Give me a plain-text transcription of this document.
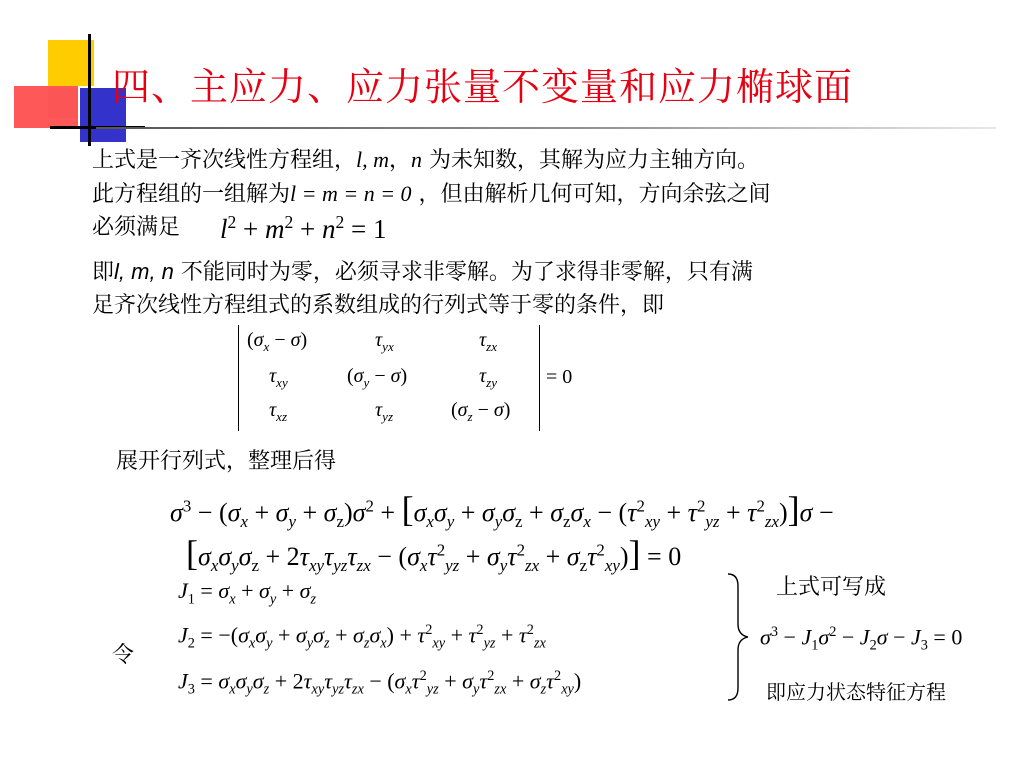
四、主应力、应力张量不变量和应力椭球面
上式是一齐次线性方程组，l, m，n 为未知数，其解为应力主轴方向。
此方程组的一组解为l = m = n = 0 ，但由解析几何可知，方向余弦之间
必须满足 $l^2 + m^2 + n^2 = 1$
即l, m, n 不能同时为零，必须寻求非零解。为了求得非零解，只有满
足齐次线性方程组式的系数组成的行列式等于零的条件，即
$(\sigma_x - \sigma)$	$\tau_{yx}$	$\tau_{zx}$
$\tau_{xy}$	$(\sigma_y - \sigma)$	$\tau_{zy}$
$\tau_{xz}$	$\tau_{yz}$	$(\sigma_z - \sigma)$
= 0
展开行列式，整理后得
$\sigma^3 - (\sigma_x + \sigma_y + \sigma_z)\sigma^2 + [\sigma_x\sigma_y + \sigma_y\sigma_z + \sigma_z\sigma_x - (\tau^2_{xy} + \tau^2_{yz} + \tau^2_{zx})]\sigma$ −
$[\sigma_x\sigma_y\sigma_z + 2\tau_{xy}\tau_{yz}\tau_{zx} - (\sigma_x\tau^2_{yz} + \sigma_y\tau^2_{zx} + \sigma_z\tau^2_{xy})] = 0$
$J_1 = \sigma_x + \sigma_y + \sigma_z$
$J_2 = -(\sigma_x\sigma_y + \sigma_y\sigma_z + \sigma_z\sigma_x) + \tau^2_{xy} + \tau^2_{yz} + \tau^2_{zx}$
$J_3 = \sigma_x\sigma_y\sigma_z + 2\tau_{xy}\tau_{yz}\tau_{zx} - (\sigma_x\tau^2_{yz} + \sigma_y\tau^2_{zx} + \sigma_z\tau^2_{xy})$
令
上式可写成
$\sigma^3 - J_1\sigma^2 - J_2\sigma - J_3 = 0$
即应力状态特征方程
